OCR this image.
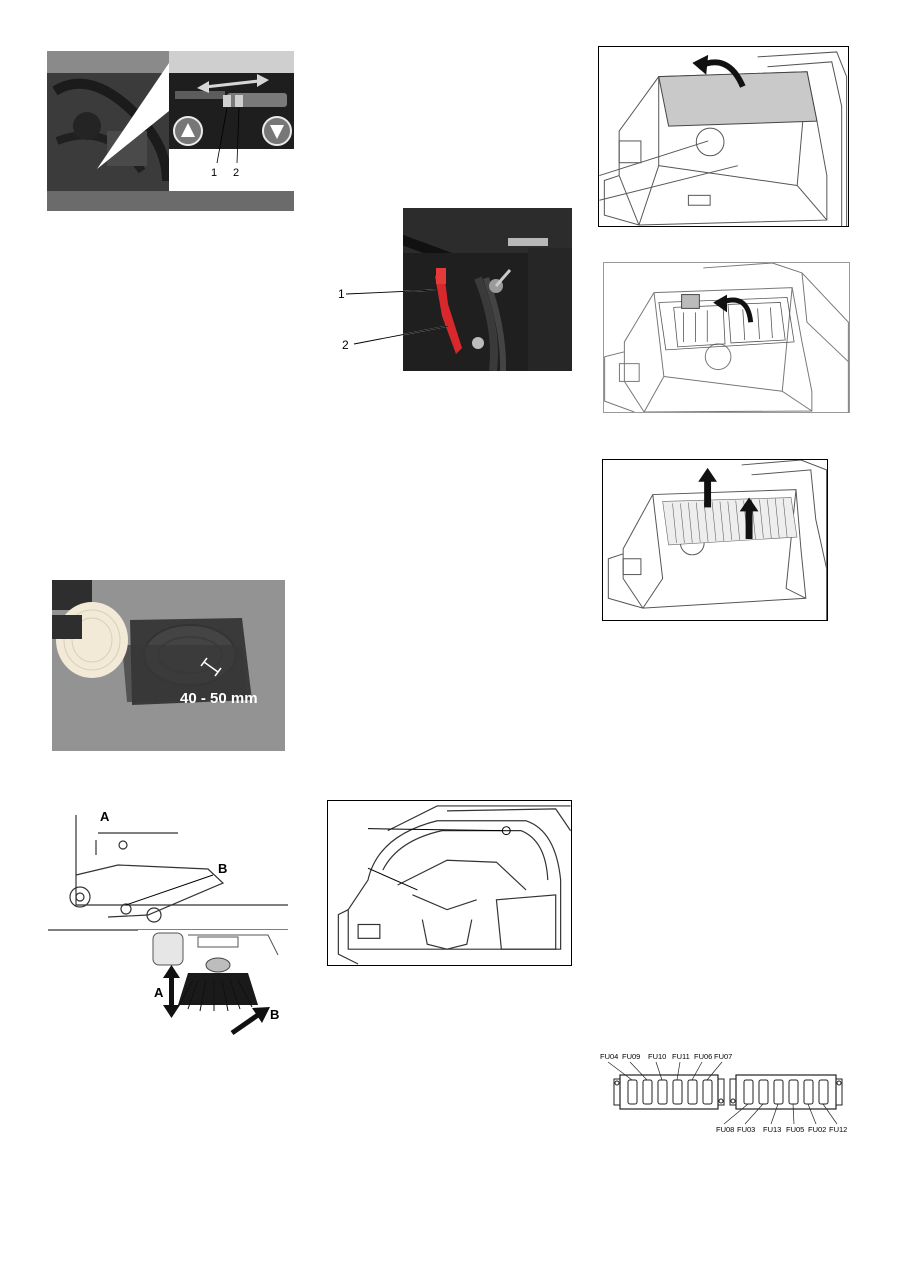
1 2
1
2
40 - 50 mm
A
B
A
B
FU04 FU09 FU10 FU11 FU06 FU07
FU08 FU03 FU13 FU05 FU02 FU12
